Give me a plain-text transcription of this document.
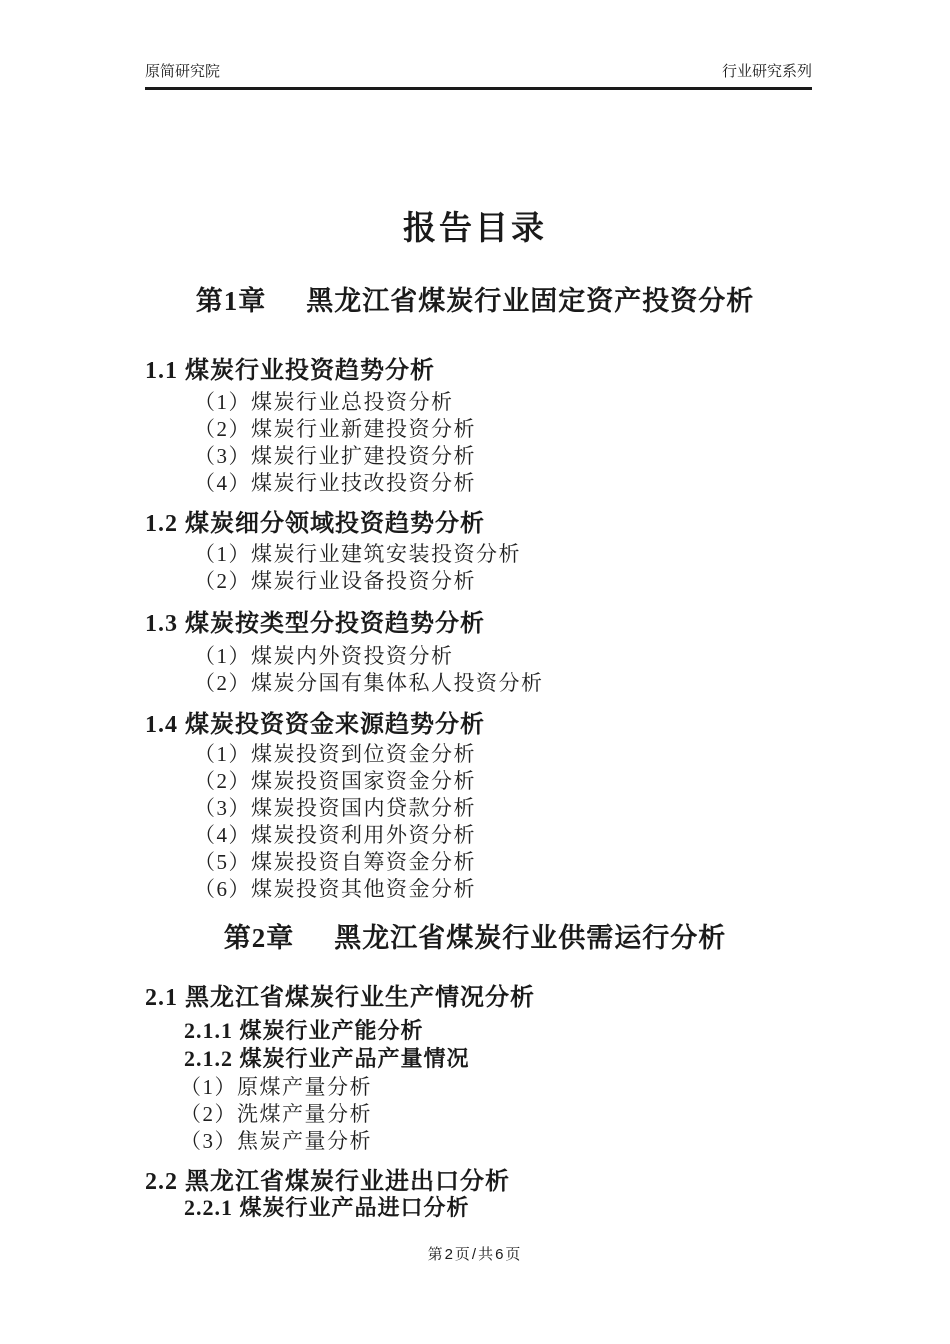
原简研究院	行业研究系列
报告目录
第1章 黑龙江省煤炭行业固定资产投资分析
1.1 煤炭行业投资趋势分析
（1）煤炭行业总投资分析
（2）煤炭行业新建投资分析
（3）煤炭行业扩建投资分析
（4）煤炭行业技改投资分析
1.2 煤炭细分领域投资趋势分析
（1）煤炭行业建筑安装投资分析
（2）煤炭行业设备投资分析
1.3 煤炭按类型分投资趋势分析
（1）煤炭内外资投资分析
（2）煤炭分国有集体私人投资分析
1.4 煤炭投资资金来源趋势分析
（1）煤炭投资到位资金分析
（2）煤炭投资国家资金分析
（3）煤炭投资国内贷款分析
（4）煤炭投资利用外资分析
（5）煤炭投资自筹资金分析
（6）煤炭投资其他资金分析
第2章 黑龙江省煤炭行业供需运行分析
2.1 黑龙江省煤炭行业生产情况分析
2.1.1 煤炭行业产能分析
2.1.2 煤炭行业产品产量情况
（1）原煤产量分析
（2）洗煤产量分析
（3）焦炭产量分析
2.2 黑龙江省煤炭行业进出口分析
2.2.1 煤炭行业产品进口分析
第2页/共6页
